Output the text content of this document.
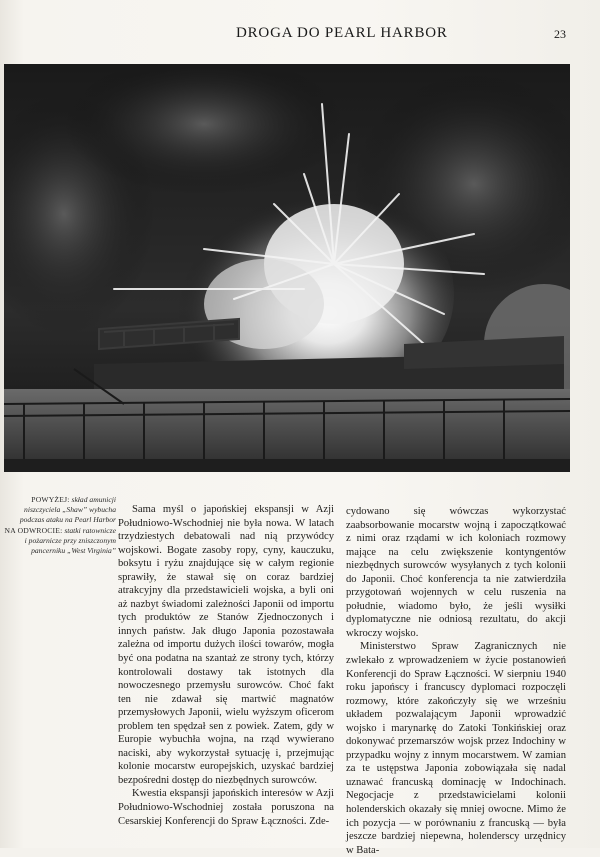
DROGA DO PEARL HARBOR	23
POWYŻEJ: skład amunicji niszczyciela „Shaw” wybucha podczas ataku na Pearl Harbor
NA ODWROCIE: statki ratownicze i pożarnicze przy zniszczonym pancerniku „West Virginia”

Sama myśl o japońskiej ekspansji w Azji Południowo-Wschodniej nie była nowa. W latach trzydziestych debatowali nad nią przywódcy wojskowi. Bogate zasoby ropy, cyny, kauczuku, boksytu i ryżu znajdujące się w całym regionie sprawiły, że stawał się on coraz bardziej atrakcyjny dla przedstawicieli wojska, a byli oni aż nazbyt świadomi zależności Japonii od importu tych produktów ze Stanów Zjednoczonych i innych państw. Jak długo Japonia pozostawała zależna od importu dużych ilości towarów, mogła być ona podatna na szantaż ze strony tych, którzy kontrolowali dostawy tak istotnych dla nowoczesnego przemysłu surowców. Choć fakt ten nie zdawał się martwić magnatów przemysłowych Japonii, wielu wyższym oficerom problem ten spędzał sen z powiek. Zatem, gdy w Europie wybuchła wojna, na rząd wywierano naciski, aby wykorzystał sytuację i, przejmując kolonie mocarstw europejskich, uzyskać bardziej bezpośredni dostęp do niezbędnych surowców.

Kwestia ekspansji japońskich interesów w Azji Południowo-Wschodniej została poruszona na Cesarskiej Konferencji do Spraw Łączności. Zde-

cydowano się wówczas wykorzystać zaabsorbowanie mocarstw wojną i zapoczątkować z nimi oraz rządami w ich koloniach rozmowy mające na celu zwiększenie kontyngentów niezbędnych surowców wysyłanych z tych kolonii do Japonii. Choć konferencja ta nie zatwierdziła przygotowań wojennych w celu ruszenia na południe, wiadomo było, że jeśli wysiłki dyplomatyczne nie odniosą rezultatu, do akcji wkroczy wojsko.

Ministerstwo Spraw Zagranicznych nie zwlekało z wprowadzeniem w życie postanowień Konferencji do Spraw Łączności. W sierpniu 1940 roku japońscy i francuscy dyplomaci rozpoczęli rozmowy, które zakończyły się we wrześniu układem pozwalającym Japonii wprowadzić wojsko i marynarkę do Zatoki Tonkińskiej oraz dokonywać przemarszów wojsk przez Indochiny w przypadku wojny z innym mocarstwem. W zamian za te ustępstwa Japonia zobowiązała się nadal uznawać francuską dominację w Indochinach. Negocjacje z przedstawicielami kolonii holenderskich okazały się mniej owocne. Mimo że ich pozycja — w porównaniu z francuską — była jeszcze bardziej niepewna, holenderscy urzędnicy w Bata-
